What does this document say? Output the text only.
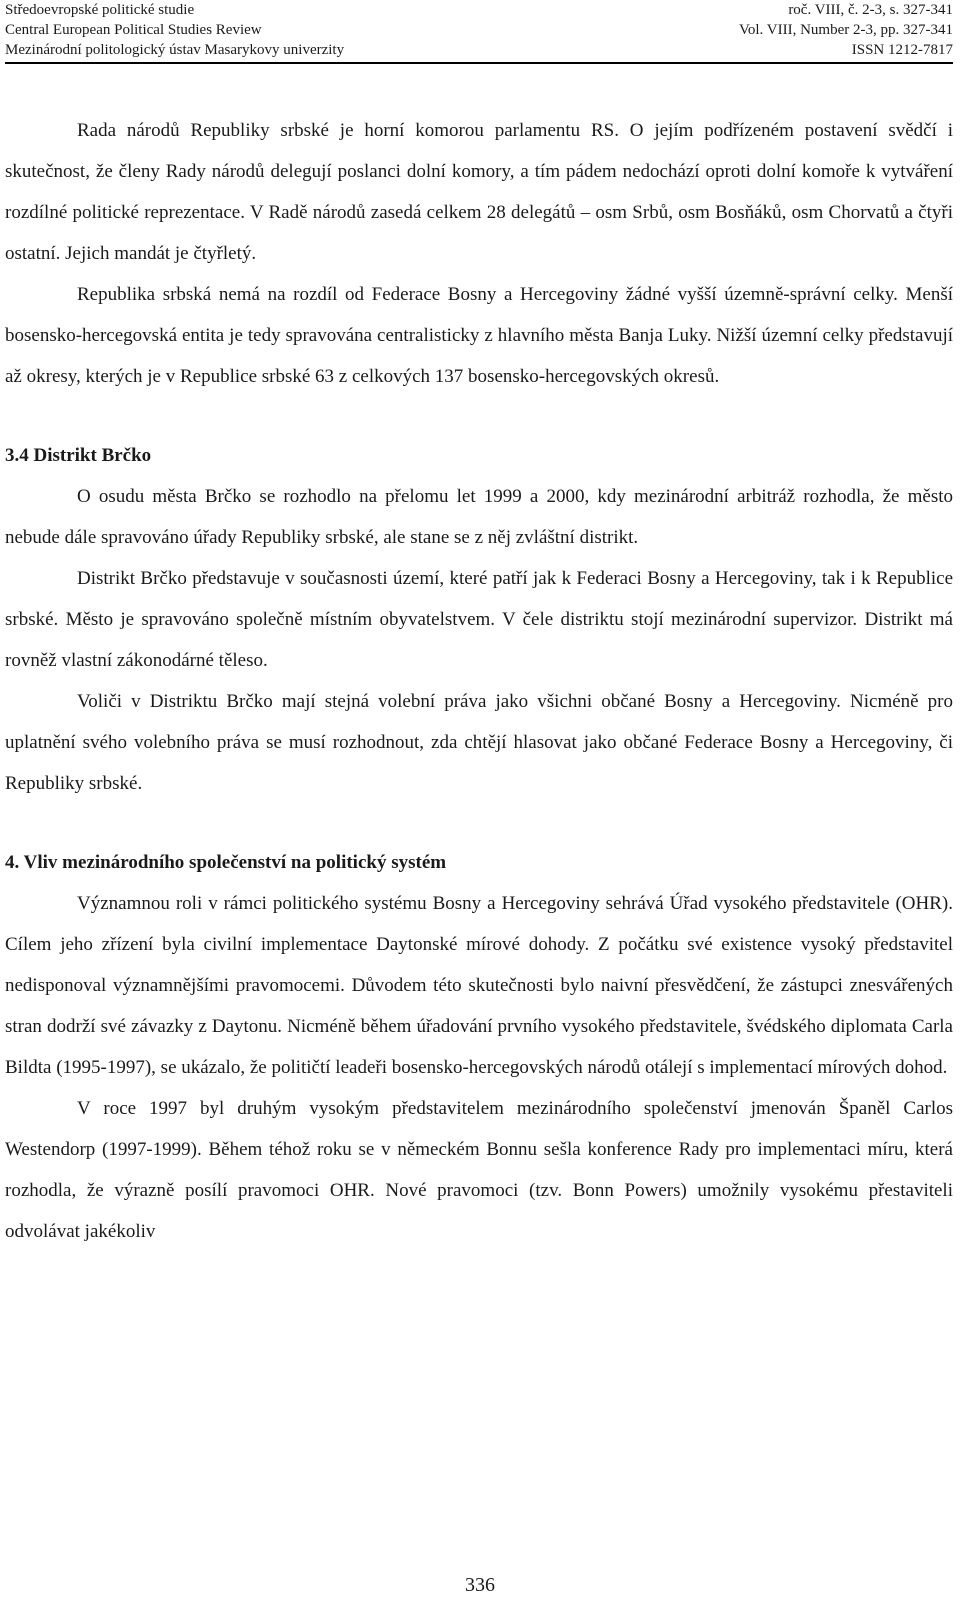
Středoevropské politické studie	roč. VIII, č. 2-3, s. 327-341
Central European Political Studies Review	Vol. VIII, Number 2-3, pp. 327-341
Mezinárodní politologický ústav Masarykovy univerzity	ISSN 1212-7817

Rada národů Republiky srbské je horní komorou parlamentu RS. O jejím podřízeném postavení svědčí i skutečnost, že členy Rady národů delegují poslanci dolní komory, a tím pádem nedochází oproti dolní komoře k vytváření rozdílné politické reprezentace. V Radě národů zasedá celkem 28 delegátů – osm Srbů, osm Bosňáků, osm Chorvatů a čtyři ostatní. Jejich mandát je čtyřletý.

Republika srbská nemá na rozdíl od Federace Bosny a Hercegoviny žádné vyšší územně-správní celky. Menší bosensko-hercegovská entita je tedy spravována centralisticky z hlavního města Banja Luky. Nižší územní celky představují až okresy, kterých je v Republice srbské 63 z celkových 137 bosensko-hercegovských okresů.

3.4 Distrikt Brčko

O osudu města Brčko se rozhodlo na přelomu let 1999 a 2000, kdy mezinárodní arbitráž rozhodla, že město nebude dále spravováno úřady Republiky srbské, ale stane se z něj zvláštní distrikt.

Distrikt Brčko představuje v současnosti území, které patří jak k Federaci Bosny a Hercegoviny, tak i k Republice srbské. Město je spravováno společně místním obyvatelstvem. V čele distriktu stojí mezinárodní supervizor. Distrikt má rovněž vlastní zákonodárné těleso.

Voliči v Distriktu Brčko mají stejná volební práva jako všichni občané Bosny a Hercegoviny. Nicméně pro uplatnění svého volebního práva se musí rozhodnout, zda chtějí hlasovat jako občané Federace Bosny a Hercegoviny, či Republiky srbské.

4. Vliv mezinárodního společenství na politický systém

Významnou roli v rámci politického systému Bosny a Hercegoviny sehrává Úřad vysokého představitele (OHR). Cílem jeho zřízení byla civilní implementace Daytonské mírové dohody. Z počátku své existence vysoký představitel nedisponoval významnějšími pravomocemi. Důvodem této skutečnosti bylo naivní přesvědčení, že zástupci znesvářených stran dodrží své závazky z Daytonu. Nicméně během úřadování prvního vysokého představitele, švédského diplomata Carla Bildta (1995-1997), se ukázalo, že političtí leadeři bosensko-hercegovských národů otálejí s implementací mírových dohod.

V roce 1997 byl druhým vysokým představitelem mezinárodního společenství jmenován Španěl Carlos Westendorp (1997-1999). Během téhož roku se v německém Bonnu sešla konference Rady pro implementaci míru, která rozhodla, že výrazně posílí pravomoci OHR. Nové pravomoci (tzv. Bonn Powers) umožnily vysokému přestaviteli odvolávat jakékoliv

336
